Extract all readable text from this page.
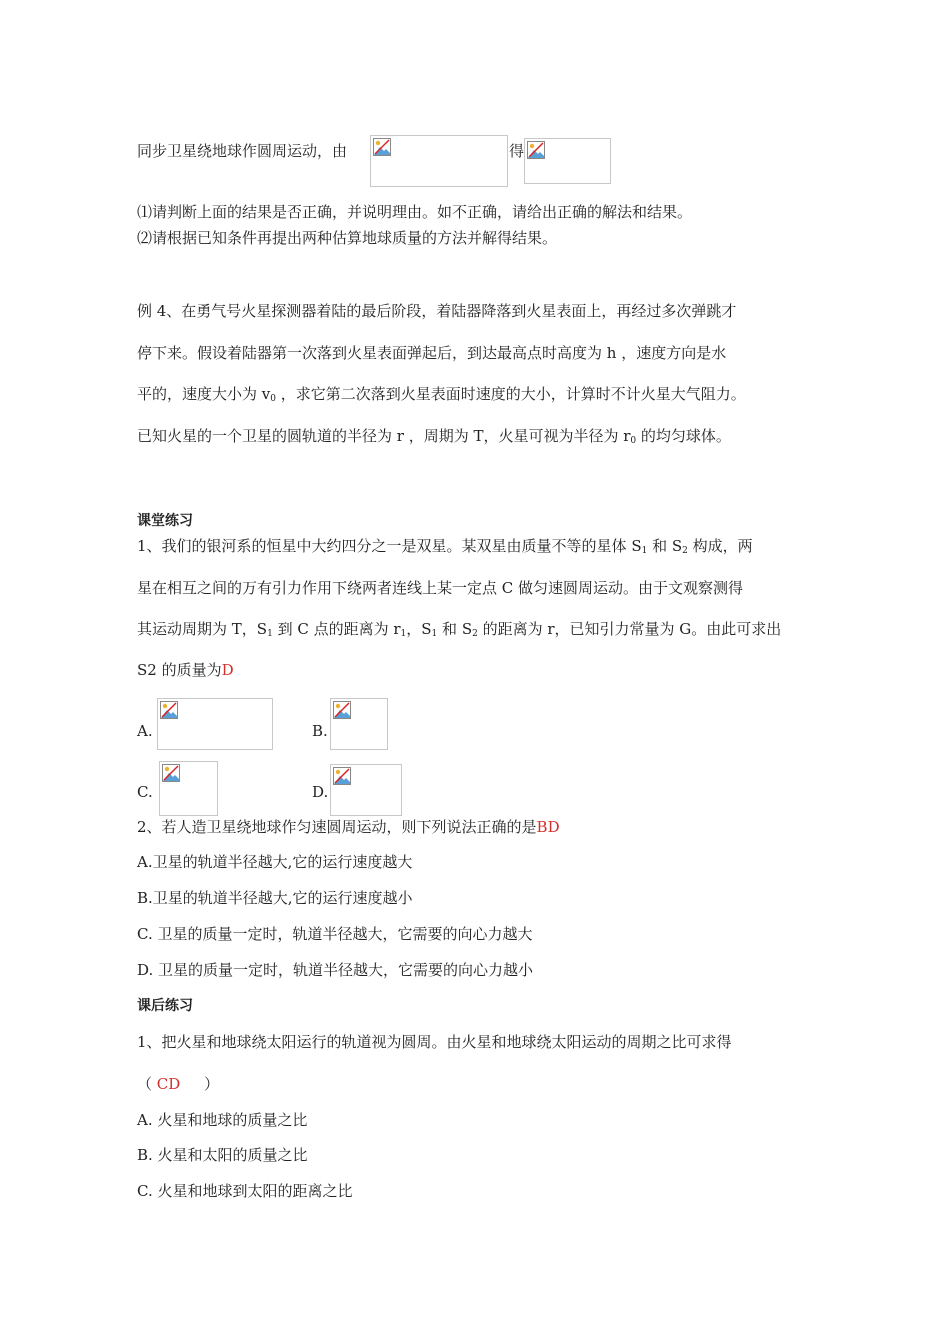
同步卫星绕地球作圆周运动，由	得
⑴请判断上面的结果是否正确，并说明理由。如不正确，请给出正确的解法和结果。
⑵请根据已知条件再提出两种估算地球质量的方法并解得结果。
例 4、在勇气号火星探测器着陆的最后阶段，着陆器降落到火星表面上，再经过多次弹跳才
停下来。假设着陆器第一次落到火星表面弹起后，到达最高点时高度为 h ，速度方向是水
平的，速度大小为 $v_0$ ，求它第二次落到火星表面时速度的大小，计算时不计火星大气阻力。
已知火星的一个卫星的圆轨道的半径为 r ，周期为 T，火星可视为半径为 $r_0$ 的均匀球体。
课堂练习
1、我们的银河系的恒星中大约四分之一是双星。某双星由质量不等的星体 $S_1$ 和 $S_2$ 构成，两
星在相互之间的万有引力作用下绕两者连线上某一定点 C 做匀速圆周运动。由于文观察测得
其运动周期为 T，$S_1$ 到 C 点的距离为 $r_1$，$S_1$ 和 $S_2$ 的距离为 r，已知引力常量为 G。由此可求出
S2 的质量为D
A.	B.
C.	D.
2、若人造卫星绕地球作匀速圆周运动，则下列说法正确的是BD
A.卫星的轨道半径越大,它的运行速度越大
B.卫星的轨道半径越大,它的运行速度越小
C. 卫星的质量一定时，轨道半径越大，它需要的向心力越大
D. 卫星的质量一定时，轨道半径越大，它需要的向心力越小
课后练习
1、把火星和地球绕太阳运行的轨道视为圆周。由火星和地球绕太阳运动的周期之比可求得
（ CD ）
A. 火星和地球的质量之比
B. 火星和太阳的质量之比
C. 火星和地球到太阳的距离之比
